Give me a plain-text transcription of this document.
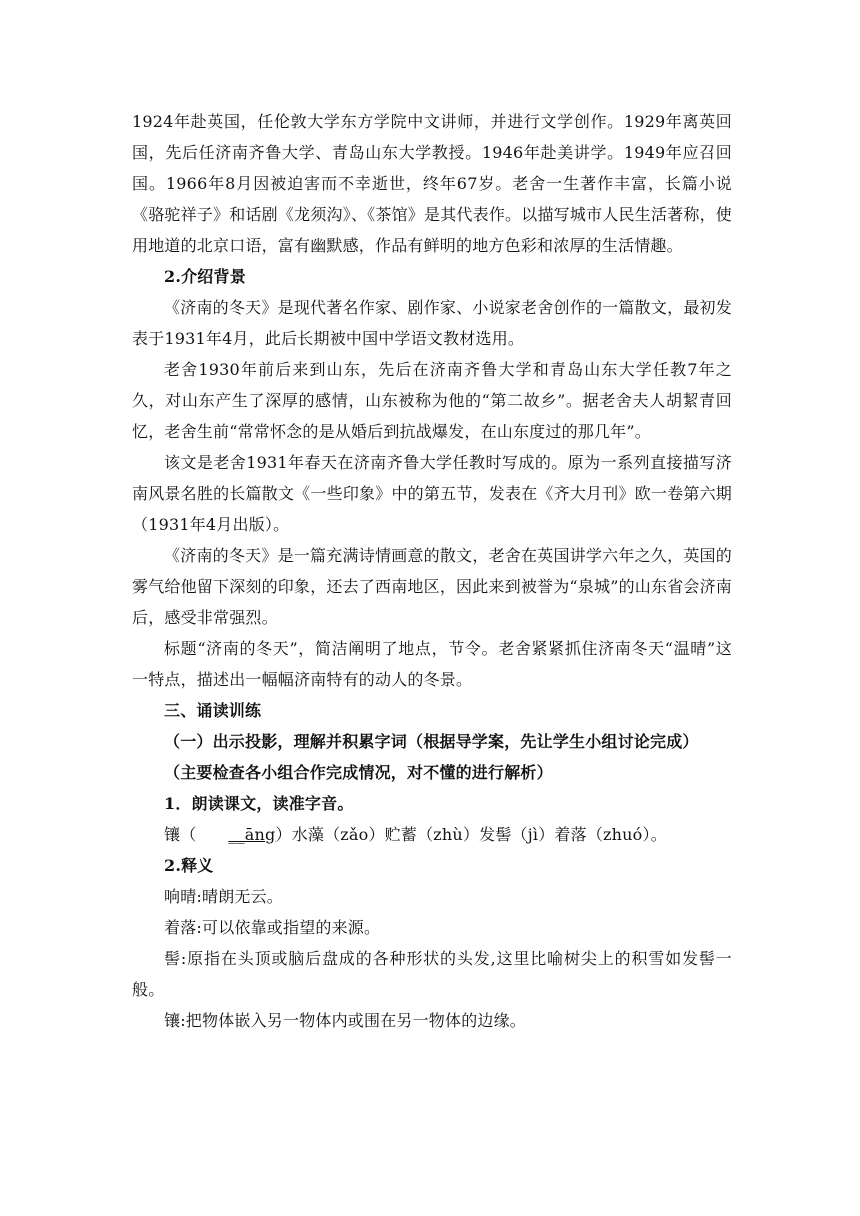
1924年赴英国，任伦敦大学东方学院中文讲师，并进行文学创作。1929年离英回国，先后任济南齐鲁大学、青岛山东大学教授。1946年赴美讲学。1949年应召回国。1966年8月因被迫害而不幸逝世，终年67岁。老舍一生著作丰富，长篇小说《骆驼祥子》和话剧《龙须沟》、《茶馆》是其代表作。以描写城市人民生活著称，使用地道的北京口语，富有幽默感，作品有鲜明的地方色彩和浓厚的生活情趣。

2.介绍背景

《济南的冬天》是现代著名作家、剧作家、小说家老舍创作的一篇散文，最初发表于1931年4月，此后长期被中国中学语文教材选用。

老舍1930年前后来到山东，先后在济南齐鲁大学和青岛山东大学任教7年之久，对山东产生了深厚的感情，山东被称为他的“第二故乡”。据老舍夫人胡絜青回忆，老舍生前“常常怀念的是从婚后到抗战爆发，在山东度过的那几年”。

该文是老舍1931年春天在济南齐鲁大学任教时写成的。原为一系列直接描写济南风景名胜的长篇散文《一些印象》中的第五节，发表在《齐大月刊》欧一卷第六期（1931年4月出版）。

《济南的冬天》是一篇充满诗情画意的散文，老舍在英国讲学六年之久，英国的雾气给他留下深刻的印象，还去了西南地区，因此来到被誉为“泉城”的山东省会济南后，感受非常强烈。

标题“济南的冬天”，简洁阐明了地点，节令。老舍紧紧抓住济南冬天“温晴”这一特点，描述出一幅幅济南特有的动人的冬景。

三、诵读训练

（一）出示投影，理解并积累字词（根据导学案，先让学生小组讨论完成）

（主要检查各小组合作完成情况，对不懂的进行解析）

1．朗读课文，读准字音。

镶（ __āng）水藻（zǎo）贮蓄（zhù）发髻（jì）着落（zhuó）。

2.释义

响晴:晴朗无云。

着落:可以依靠或指望的来源。

髻:原指在头顶或脑后盘成的各种形状的头发,这里比喻树尖上的积雪如发髻一般。

镶:把物体嵌入另一物体内或围在另一物体的边缘。
